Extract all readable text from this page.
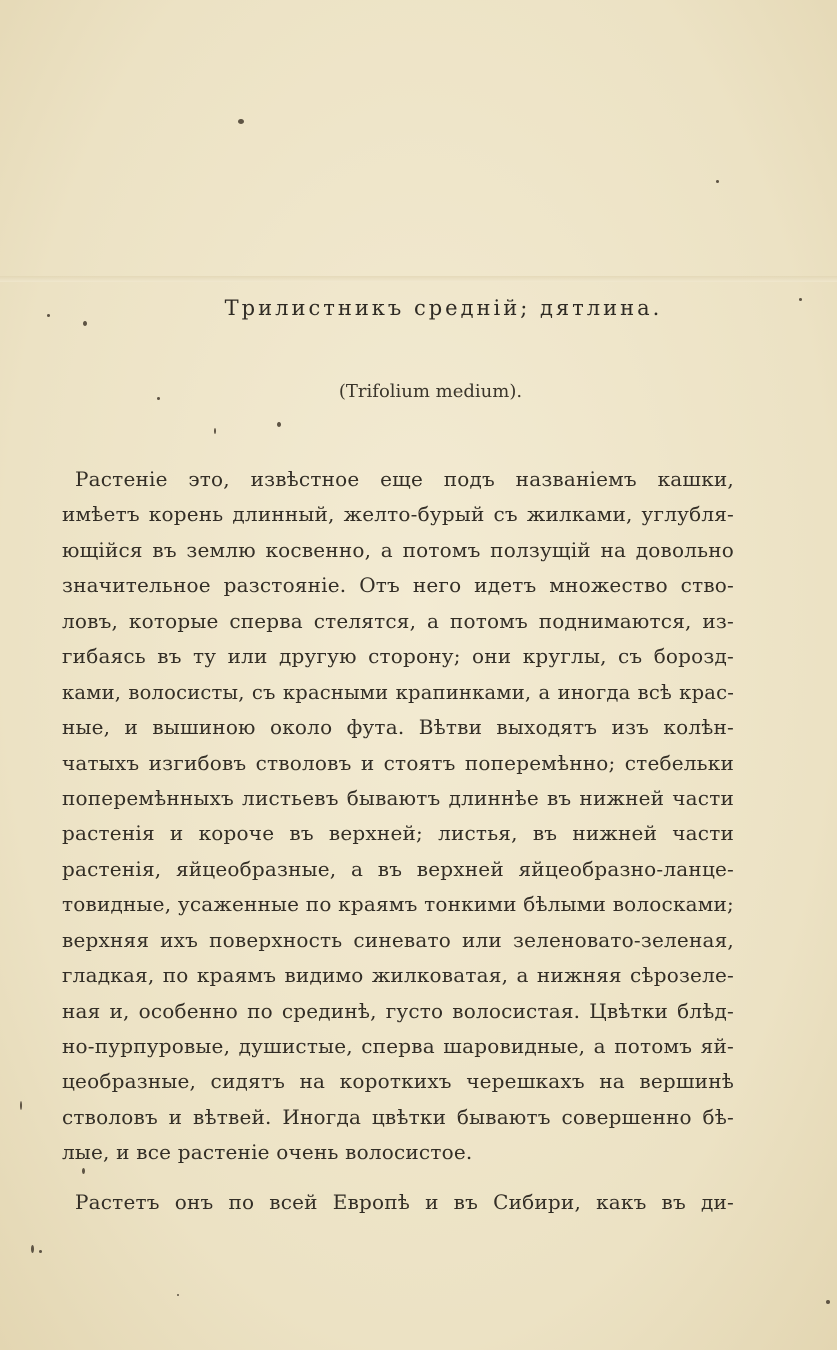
Трилистникъ средній; дятлина.
(Trifolium medium).
Растеніе это, извѣстное еще подъ названіемъ кашки,
имѣетъ корень длинный, желто-бурый съ жилками, углубля-
ющійся въ землю косвенно, а потомъ ползущій на довольно
значительное разстояніе. Отъ него идетъ множество ство-
ловъ, которые сперва стелятся, а потомъ поднимаются, из-
гибаясь въ ту или другую сторону; они круглы, съ борозд-
ками, волосисты, съ красными крапинками, а иногда всѣ крас-
ные, и вышиною около фута. Вѣтви выходятъ изъ колѣн-
чатыхъ изгибовъ стволовъ и стоятъ поперемѣнно; стебельки
поперемѣнныхъ листьевъ бываютъ длиннѣе въ нижней части
растенія и короче въ верхней; листья, въ нижней части
растенія, яйцеобразные, а въ верхней яйцеобразно-ланце-
товидные, усаженные по краямъ тонкими бѣлыми волосками;
верхняя ихъ поверхность синевато или зеленовато-зеленая,
гладкая, по краямъ видимо жилковатая, а нижняя сѣрозеле-
ная и, особенно по срединѣ, густо волосистая. Цвѣтки блѣд-
но-пурпуровые, душистые, сперва шаровидные, а потомъ яй-
цеобразные, сидятъ на короткихъ черешкахъ на вершинѣ
стволовъ и вѣтвей. Иногда цвѣтки бываютъ совершенно бѣ-
лые, и все растеніе очень волосистое.
Растетъ онъ по всей Европѣ и въ Сибири, какъ въ ди-
